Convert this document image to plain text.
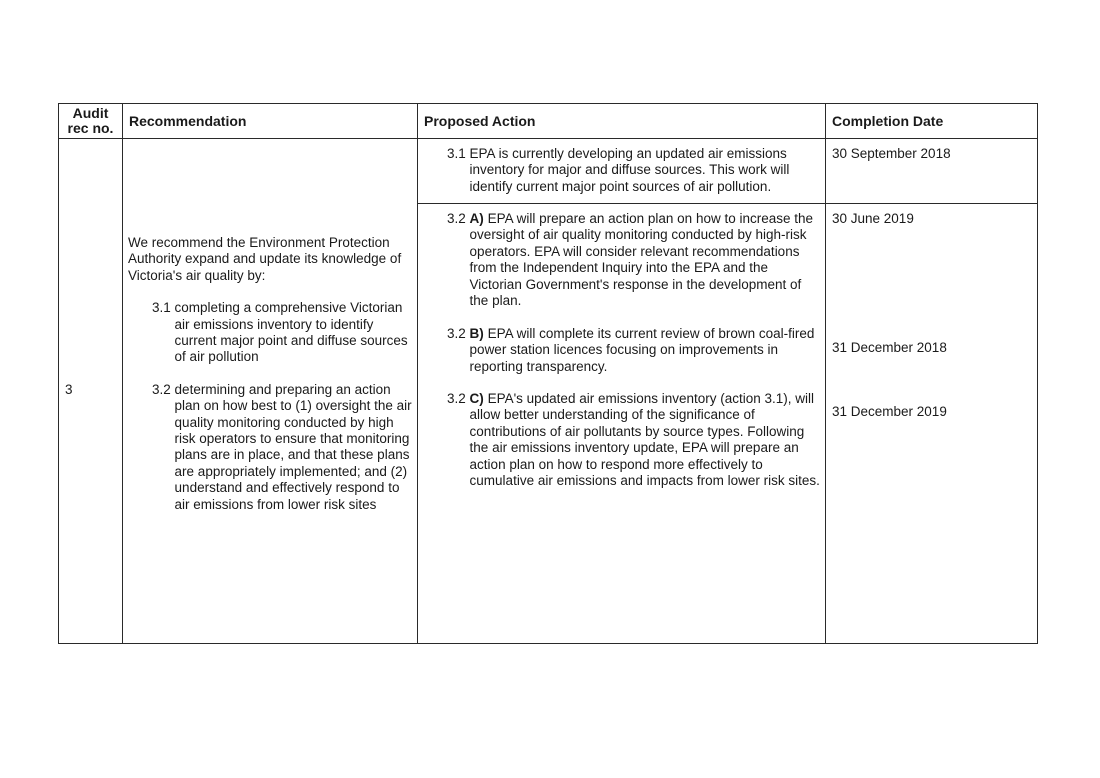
Audit rec no. Recommendation	Proposed Action	Completion Date
3

We recommend the Environment Protection Authority expand and update its knowledge of Victoria's air quality by:

3.1
completing a comprehensive Victorian air emissions inventory to identify current major point and diffuse sources of air pollution
3.2
determining and preparing an action plan on how best to (1) oversight the air quality monitoring conducted by high risk operators to ensure that monitoring plans are in place, and that these plans are appropriately implemented; and (2) understand and effectively respond to air emissions from lower risk sites
3.1
EPA is currently developing an updated air emissions inventory for major and diffuse sources. This work will identify current major point sources of air pollution.
3.2
A) EPA will prepare an action plan on how to increase the oversight of air quality monitoring conducted by high-risk operators. EPA will consider relevant recommendations from the Independent Inquiry into the EPA and the Victorian Government's response in the development of the plan.
3.2
B) EPA will complete its current review of brown coal-fired power station licences focusing on improvements in reporting transparency.
3.2
C) EPA's updated air emissions inventory (action 3.1), will allow better understanding of the significance of contributions of air pollutants by source types. Following the air emissions inventory update, EPA will prepare an action plan on how to respond more effectively to cumulative air emissions and impacts from lower risk sites.
30 September 2018
30 June 2019
31 December 2018
31 December 2019
